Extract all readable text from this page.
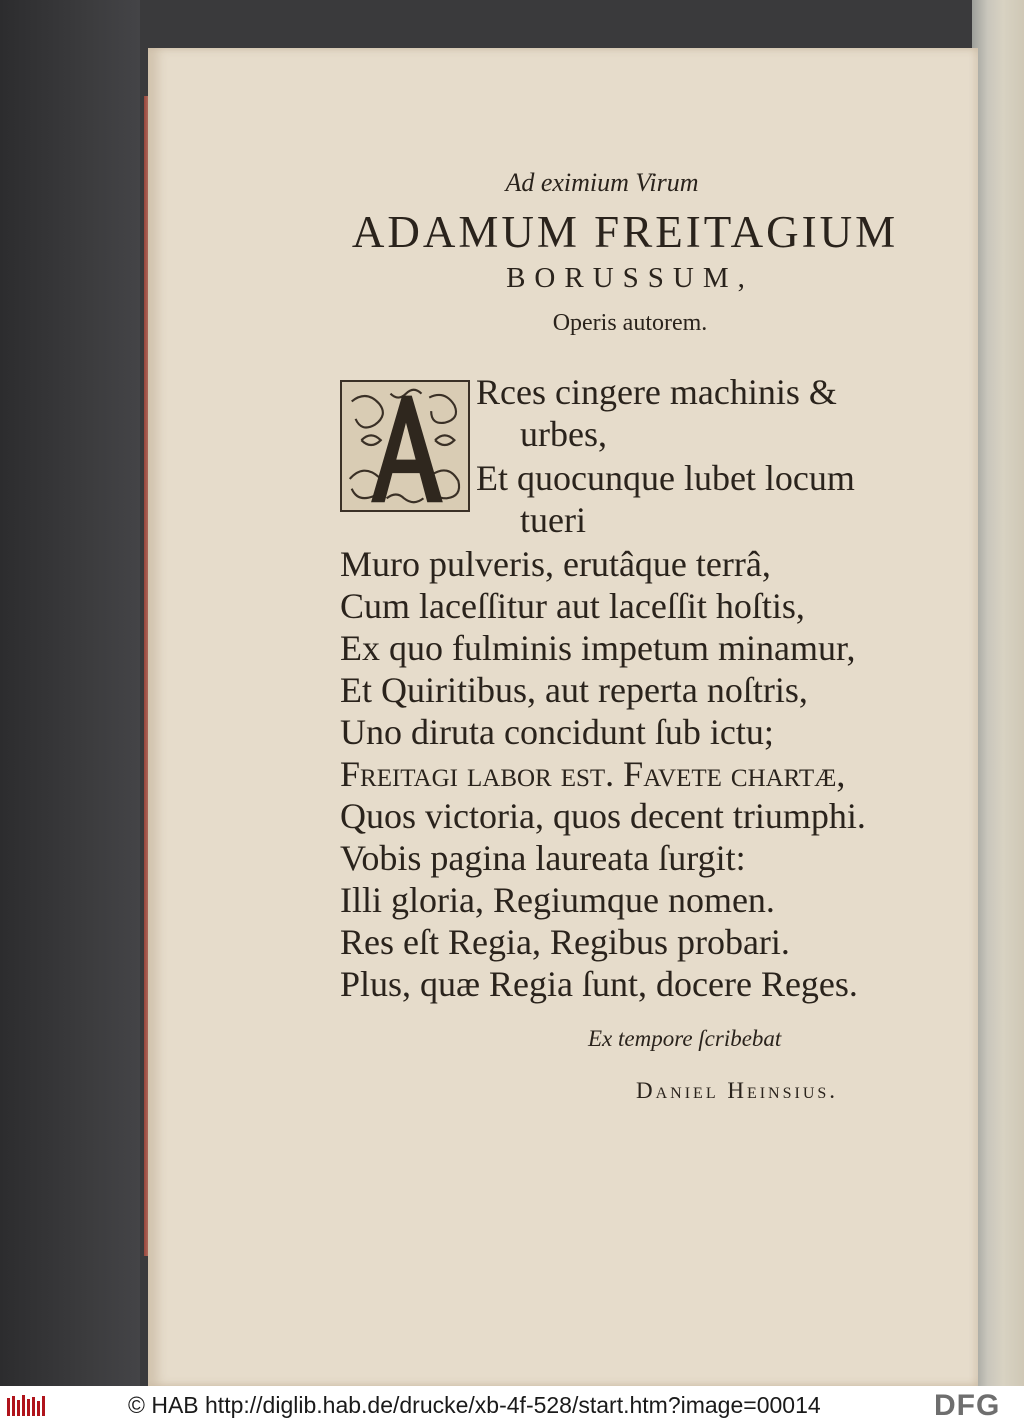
Ad eximium Virum
ADAMUM FREITAGIUM
BORUSSUM,
Operis autorem.
Rces cingere machinis &
urbes,
Et quocunque lubet locum
tueri
Muro pulveris, erutâque terrâ,
Cum laceſſitur aut laceſſit hoſtis,
Ex quo fulminis impetum minamur,
Et Quiritibus, aut reperta noſtris,
Uno diruta concidunt ſub ictu;
Freitagi labor eſt. Favete chartæ,
Quos victoria, quos decent triumphi.
Vobis pagina laureata ſurgit:
Illi gloria, Regiumque nomen.
Res eſt Regia, Regibus probari.
Plus, quæ Regia ſunt, docere Reges.
Ex tempore ſcribebat
Daniel Heinsius.
© HAB http://diglib.hab.de/drucke/xb-4f-528/start.htm?image=00014	DFG
